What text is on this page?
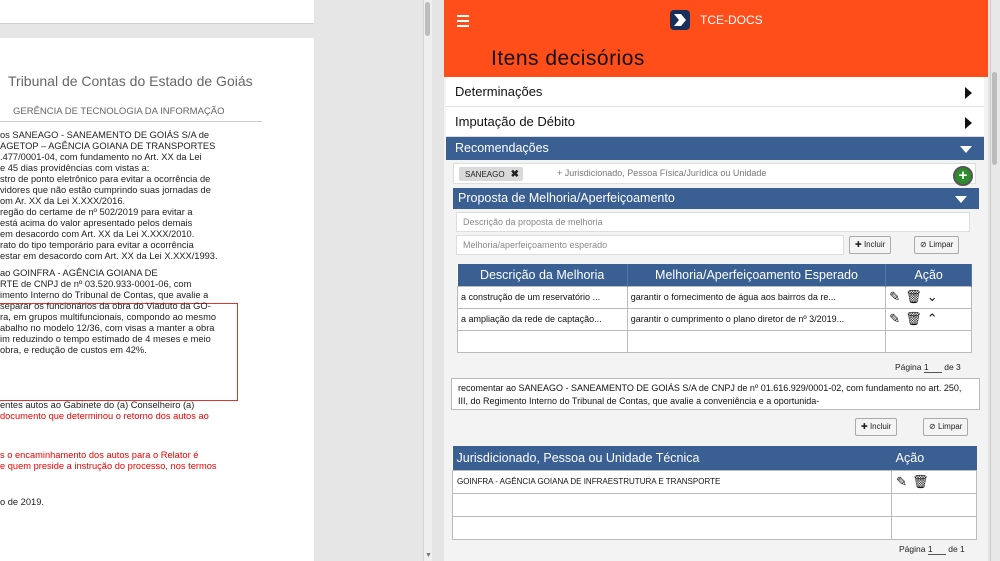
Tribunal de Contas do Estado de Goiás
GERÊNCIA DE TECNOLOGIA DA INFORMAÇÃO
os SANEAGO - SANEAMENTO DE GOIÁS S/A de
AGETOP – AGÊNCIA GOIANA DE TRANSPORTES
.477/0001-04, com fundamento no Art. XX da Lei
e 45 dias providências com vistas a:
stro de ponto eletrônico para evitar a ocorrência de
vidores que não estão cumprindo suas jornadas de
om Ar. XX da Lei X.XXX/2016.
regão do certame de nº 502/2019 para evitar a
está acima do valor apresentado pelos demais
em desacordo com Art. XX da Lei X.XXX/2010.
rato do tipo temporário para evitar a ocorrência
estar em desacordo com Art. XX da Lei X.XXX/1993.
ao GOINFRA - AGÊNCIA GOIANA DE
RTE de CNPJ de nº 03.520.933-0001-06, com
imento Interno do Tribunal de Contas, que avalie a
separar os funcionários da obra do Viaduto da GO-
ra, em grupos multifuncionais, compondo ao mesmo
abalho no modelo 12/36, com visas a manter a obra
im reduzindo o tempo estimado de 4 meses e meio
obra, e redução de custos em 42%.
entes autos ao Gabinete do (a) Conselheiro (a)
documento que determinou o retorno dos autos ao
s o encaminhamento dos autos para o Relator é
e quem preside a instrução do processo, nos termos
o de 2019.
▼
TCE-DOCS
Itens decisórios
Determinações
Imputação de Débito
Recomendações
SANEAGO ✖	+ Jurisdicionado, Pessoa Física/Jurídica ou Unidade	+
Proposta de Melhoria/Aperfeiçoamento
Descrição da proposta de melhoria
Melhoria/aperfeiçoamento esperado	✚ Incluir	⊘ Limpar
Descrição da Melhoria	Melhoria/Aperfeiçoamento Esperado	Ação
a construção de um reservatório ...	garantir o fornecimento de água aos bairros da re...	✎ 🗑 ⌄
a ampliação da rede de captação...	garantir o cumprimento o plano diretor de nº 3/2019...	✎ 🗑 ⌃

Página 1 de 3
recomentar ao SANEAGO - SANEAMENTO DE GOIÁS S/A de CNPJ de nº 01.616.929/0001-02, com fundamento no art. 250, III, do Regimento Interno do Tribunal de Contas, que avalie a conveniência e a oportunida-
✚ Incluir	⊘ Limpar
Jurisdicionado, Pessoa ou Unidade Técnica	Ação
GOINFRA - AGÊNCIA GOIANA DE INFRAESTRUTURA E TRANSPORTE	✎ 🗑

Página 1 de 1
